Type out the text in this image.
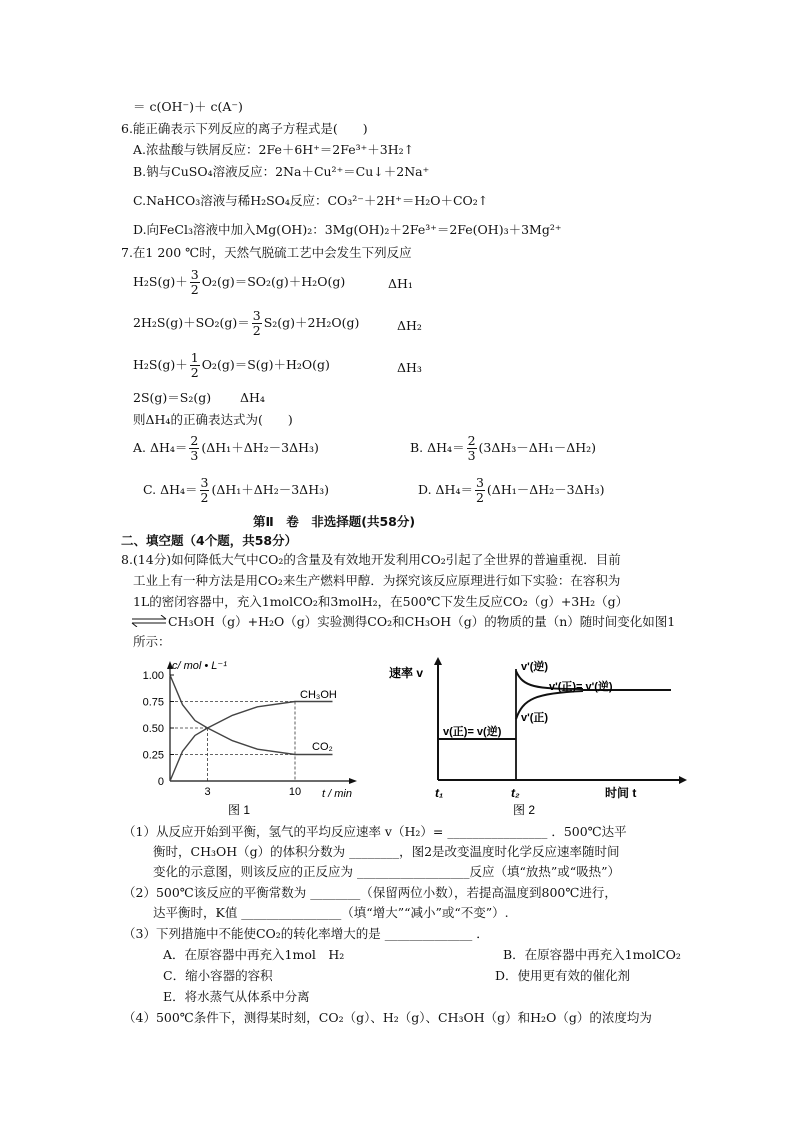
＝ c(OH⁻)＋ c(A⁻)
6.能正确表示下列反应的离子方程式是(　　)
A.浓盐酸与铁屑反应：2Fe＋6H⁺＝2Fe³⁺＋3H₂↑
B.钠与CuSO₄溶液反应：2Na＋Cu²⁺＝Cu↓＋2Na⁺
C.NaHCO₃溶液与稀H₂SO₄反应：CO₃²⁻＋2H⁺＝H₂O＋CO₂↑
D.向FeCl₃溶液中加入Mg(OH)₂：3Mg(OH)₂＋2Fe³⁺＝2Fe(OH)₃＋3Mg²⁺
7.在1 200 ℃时，天然气脱硫工艺中会发生下列反应
$H_2S(g)+ \frac{3}{2} O_2(g)=SO_2(g)+H_2O(g)$	ΔH₁
$2H_2S(g)+SO_2(g)= \frac{3}{2} S_2(g)+2H_2O(g)$	ΔH₂
$H_2S(g)+ \frac{1}{2} O_2(g)=S(g)+H_2O(g)$	ΔH₃
2S(g)＝S₂(g) ΔH₄
则ΔH₄的正确表达式为(　　)
A. $\Delta H_4= \frac{2}{3} (\Delta H_1+\Delta H_2-3\Delta H_3)$	B. $\Delta H_4= \frac{2}{3} (3\Delta H_3-\Delta H_1-\Delta H_2)$
C. $\Delta H_4= \frac{3}{2} (\Delta H_1+\Delta H_2-3\Delta H_3)$	D. $\Delta H_4= \frac{3}{2} (\Delta H_1-\Delta H_2-3\Delta H_3)$
第Ⅱ　卷　非选择题(共58分)
二、填空题（4个题，共58分）
8.(14分)如何降低大气中CO₂的含量及有效地开发利用CO₂引起了全世界的普遍重视．目前
工业上有一种方法是用CO₂来生产燃料甲醇．为探究该反应原理进行如下实验：在容积为
1L的密闭容器中，充入1molCO₂和3molH₂，在500℃下发生反应CO₂（g）+3H₂（g）
⇌ CH₃OH（g）+H₂O（g）实验测得CO₂和CH₃OH（g）的物质的量（n）随时间变化如图1
所示：
1.00
0.75
0.50
0.25
0
3	10
c/ mol • L⁻¹
t / min
CH₃OH
CO₂
图 1
速率 v
v(正)= v(逆)
v'(逆)
v'(正)= v'(逆)
v'(正)
t₁	t₂	时间 t
图 2
（1）从反应开始到平衡，氢气的平均反应速率 v（H₂）= ________________ ．500℃达平
衡时，CH₃OH（g）的体积分数为 ________，图2是改变温度时化学反应速率随时间
变化的示意图，则该反应的正反应为 __________________反应（填“放热”或“吸热”）
（2）500℃该反应的平衡常数为 ________（保留两位小数），若提高温度到800℃进行，
达平衡时，K值 ________________（填“增大”“减小”或“不变”）.
（3）下列措施中不能使CO₂的转化率增大的是 ______________ ．
A．在原容器中再充入1mol　H₂	B．在原容器中再充入1molCO₂
C．缩小容器的容积	D．使用更有效的催化剂
E．将水蒸气从体系中分离
（4）500℃条件下，测得某时刻，CO₂（g）、H₂（g）、CH₃OH（g）和H₂O（g）的浓度均为
